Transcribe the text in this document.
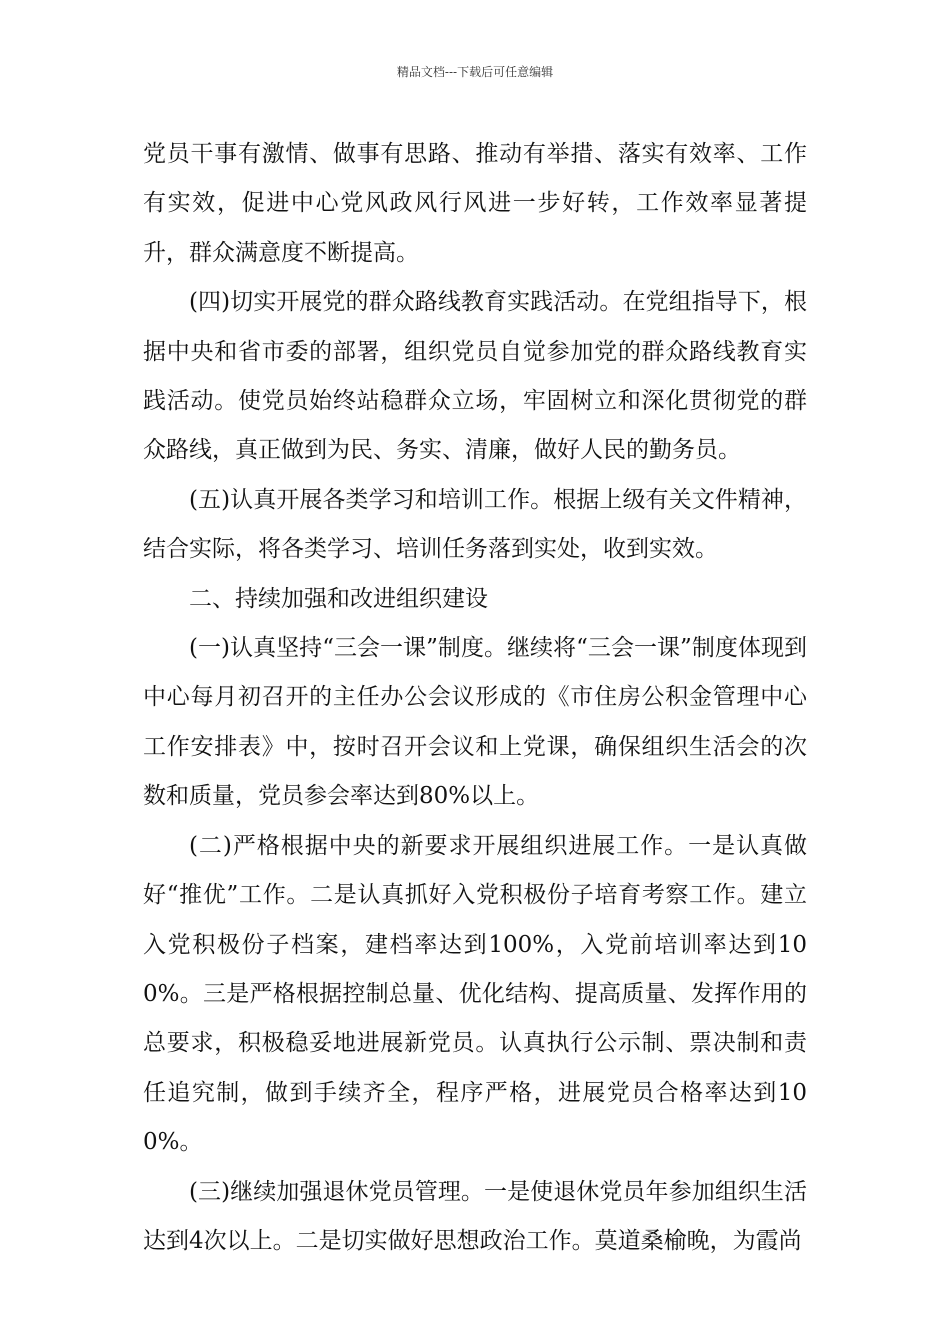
精品文档---下载后可任意编辑

党员干事有激情、做事有思路、推动有举措、落实有效率、工作有实效，促进中心党风政风行风进一步好转，工作效率显著提升，群众满意度不断提高。

(四)切实开展党的群众路线教育实践活动。在党组指导下，根据中央和省市委的部署，组织党员自觉参加党的群众路线教育实践活动。使党员始终站稳群众立场，牢固树立和深化贯彻党的群众路线，真正做到为民、务实、清廉，做好人民的勤务员。

(五)认真开展各类学习和培训工作。根据上级有关文件精神，结合实际，将各类学习、培训任务落到实处，收到实效。

二、持续加强和改进组织建设

(一)认真坚持“三会一课”制度。继续将“三会一课”制度体现到中心每月初召开的主任办公会议形成的《市住房公积金管理中心工作安排表》中，按时召开会议和上党课，确保组织生活会的次数和质量，党员参会率达到80%以上。

(二)严格根据中央的新要求开展组织进展工作。一是认真做好“推优”工作。二是认真抓好入党积极份子培育考察工作。建立入党积极份子档案，建档率达到100%，入党前培训率达到100%。三是严格根据控制总量、优化结构、提高质量、发挥作用的总要求，积极稳妥地进展新党员。认真执行公示制、票决制和责任追究制，做到手续齐全，程序严格，进展党员合格率达到100%。

(三)继续加强退休党员管理。一是使退休党员年参加组织生活达到4次以上。二是切实做好思想政治工作。莫道桑榆晚，为霞尚
